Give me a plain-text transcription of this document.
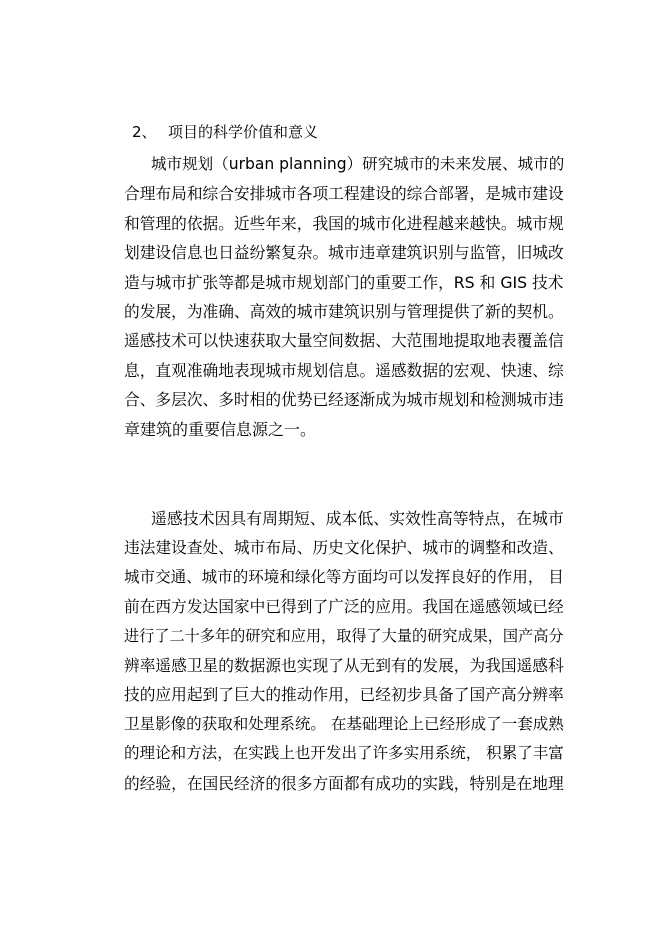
2、 项目的科学价值和意义
城市规划（urban planning）研究城市的未来发展、城市的
合理布局和综合安排城市各项工程建设的综合部署，是城市建设
和管理的依据。近些年来，我国的城市化进程越来越快。城市规
划建设信息也日益纷繁复杂。城市违章建筑识别与监管，旧城改
造与城市扩张等都是城市规划部门的重要工作，RS 和 GIS 技术
的发展，为准确、高效的城市建筑识别与管理提供了新的契机。
遥感技术可以快速获取大量空间数据、大范围地提取地表覆盖信
息，直观准确地表现城市规划信息。遥感数据的宏观、快速、综
合、多层次、多时相的优势已经逐渐成为城市规划和检测城市违
章建筑的重要信息源之一。
遥感技术因具有周期短、成本低、实效性高等特点，在城市
违法建设查处、城市布局、历史文化保护、城市的调整和改造、
城市交通、城市的环境和绿化等方面均可以发挥良好的作用， 目
前在西方发达国家中已得到了广泛的应用。我国在遥感领域已经
进行了二十多年的研究和应用，取得了大量的研究成果，国产高分
辨率遥感卫星的数据源也实现了从无到有的发展，为我国遥感科
技的应用起到了巨大的推动作用，已经初步具备了国产高分辨率
卫星影像的获取和处理系统。 在基础理论上已经形成了一套成熟
的理论和方法，在实践上也开发出了许多实用系统， 积累了丰富
的经验，在国民经济的很多方面都有成功的实践，特别是在地理
